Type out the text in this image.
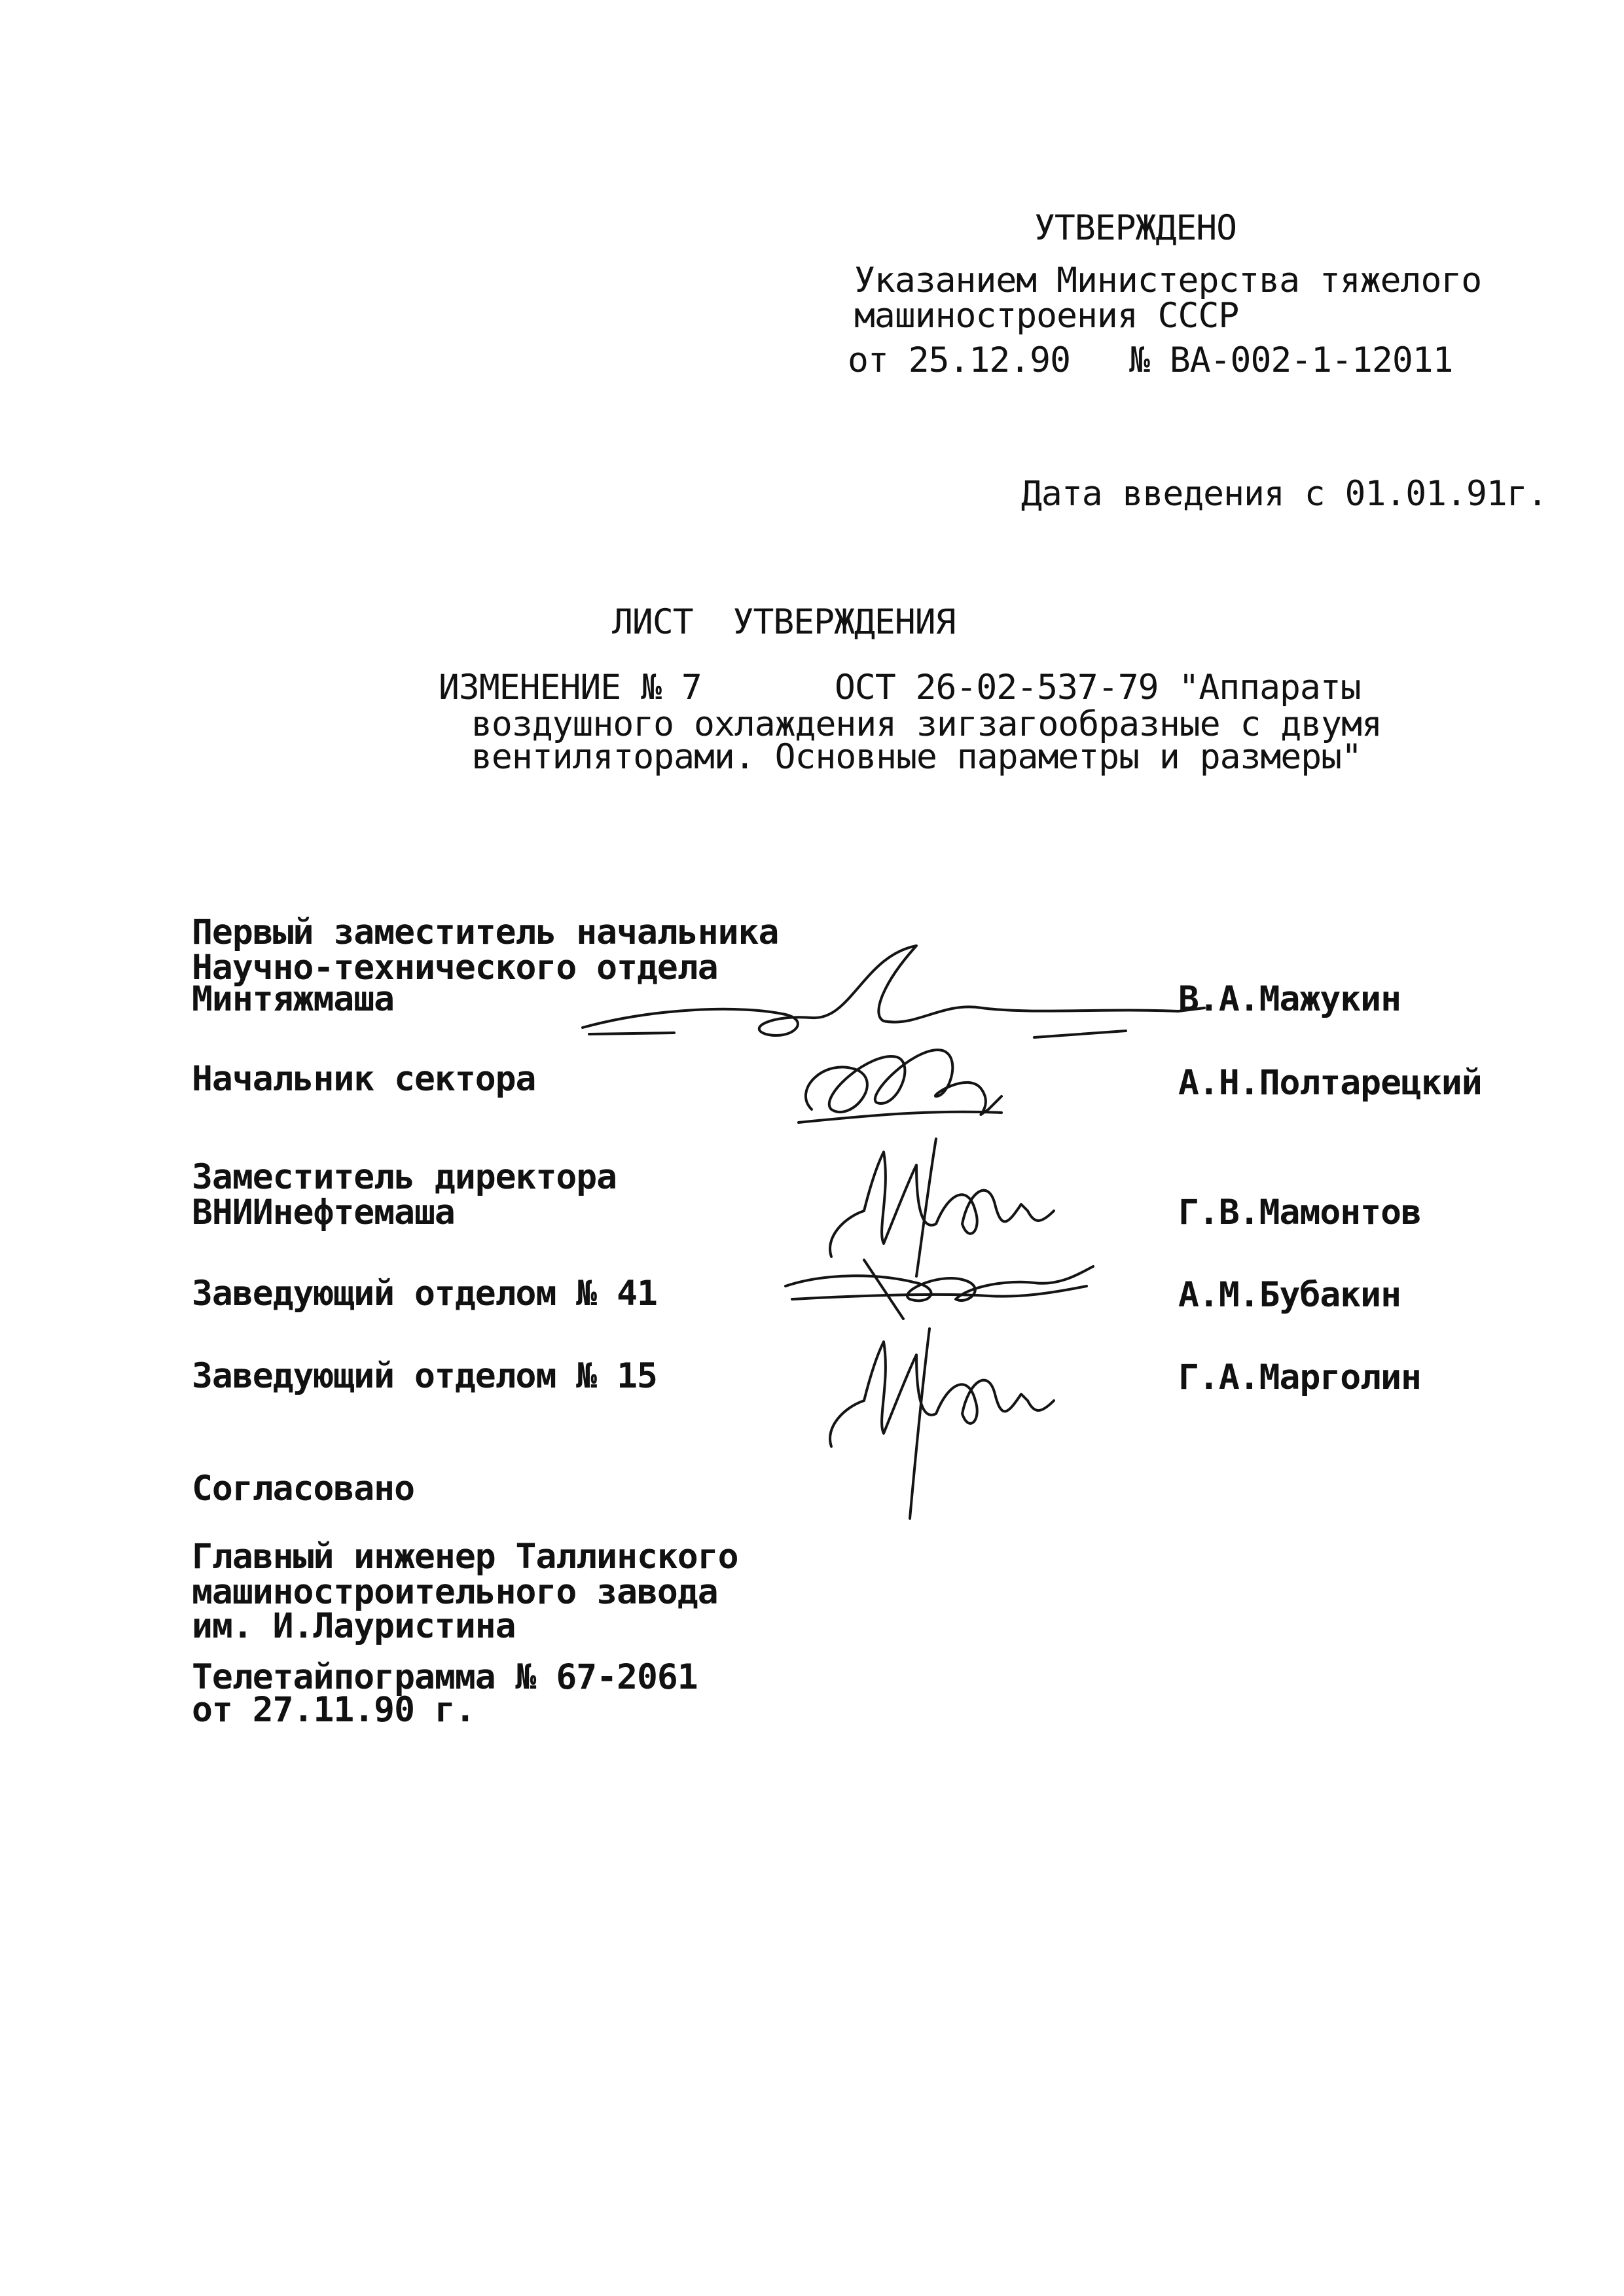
УТВЕРЖДЕНО
Указанием Министерства тяжелого
машиностроения СССР
от 25.12.90 № ВА-002-1-12011
Дата введения с 01.01.91г.
ЛИСТ УТВЕРЖДЕНИЯ
ИЗМЕНЕНИЕ № 7	ОСТ 26-02-537-79 "Аппараты
воздушного охлаждения зигзагообразные с двумя
вентиляторами. Основные параметры и размеры"
Первый заместитель начальника
Научно-технического отдела
Минтяжмаша
Начальник сектора
Заместитель директора
ВНИИнефтемаша
Заведующий отделом № 41
Заведующий отделом № 15
В.А.Мажукин
А.Н.Полтарецкий
Г.В.Мамонтов
А.М.Бубакин
Г.А.Марголин
Согласовано
Главный инженер Таллинского
машиностроительного завода
им. И.Лауристина
Телетайпограмма № 67-2061
от 27.11.90 г.
